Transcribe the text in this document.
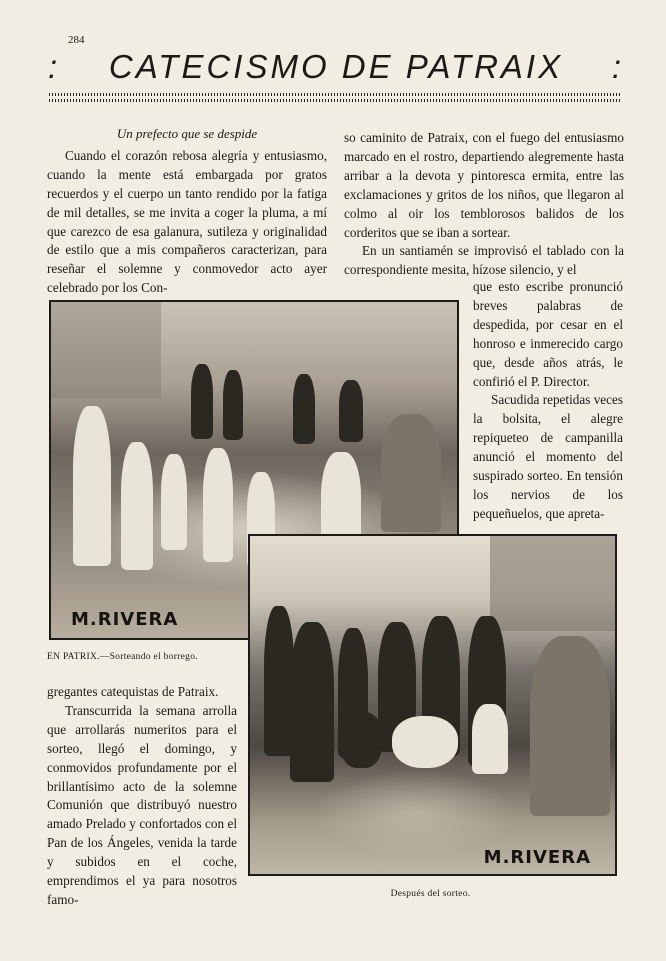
284
:	CATECISMO DE PATRAIX	:

Un prefecto que se despide

Cuando el corazón rebosa alegría y entusiasmo, cuando la mente está embargada por gratos recuerdos y el cuerpo un tanto rendido por la fatiga de mil detalles, se me invita a coger la pluma, a mí que carezco de esa galanura, sutileza y originalidad de estilo que a mis compañeros caracterizan, para reseñar el solemne y conmovedor acto ayer celebrado por los Con-

so caminito de Patraix, con el fuego del entusiasmo marcado en el rostro, departiendo alegremente hasta arribar a la devota y pintoresca ermita, entre las exclamaciones y gritos de los niños, que llegaron al colmo al oir los temblorosos balidos de los corderitos que se iban a sortear.

En un santiamén se improvisó el tablado con la correspondiente mesita, hízose silencio, y el

que esto escribe pronunció breves palabras de despedida, por cesar en el honroso e inmerecido cargo que, desde años atrás, le confirió el P. Director.

Sacudida repetidas veces la bolsita, el alegre repiqueteo de campanilla anunció el momento del suspirado sorteo. En tensión los nervios de los pequeñuelos, que apreta-

M.RIVERA
EN PATRIX.—Sorteando el borrego.

gregantes catequistas de Patraix.

Transcurrida la semana arrolla que arrollarás numeritos para el sorteo, llegó el domingo, y conmovidos profundamente por el brillantísimo acto de la solemne Comunión que distribuyó nuestro amado Prelado y confortados con el Pan de los Ángeles, venida la tarde y subidos en el coche, emprendimos el ya para nosotros famo-

M.RIVERA
Después del sorteo.
